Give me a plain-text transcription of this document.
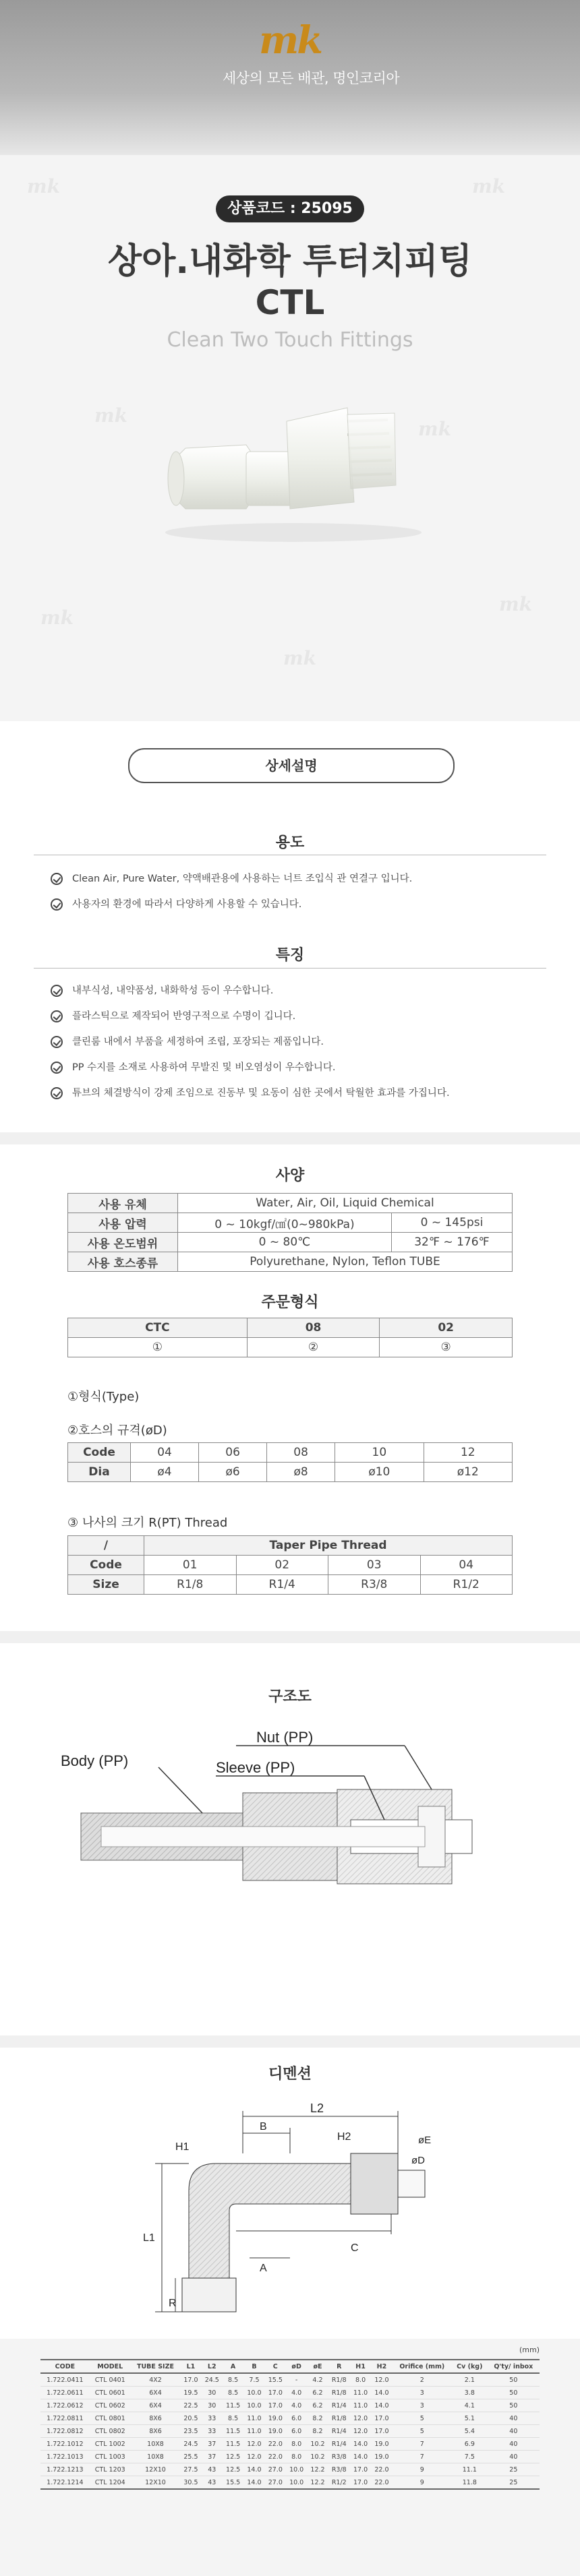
mk	mk
mk
mk
mk
mk
mk
mk
세상의 모든 배관, 명인코리아
상품코드 : 25095
상아.내화학 투터치피팅
CTL
Clean Two Touch Fittings
상세설명
용도
Clean Air, Pure Water, 약액배관용에 사용하는 너트 조입식 관 연결구 입니다.
사용자의 환경에 따라서 다양하게 사용할 수 있습니다.
특징
내부식성, 내약품성, 내화학성 등이 우수합니다.
플라스틱으로 제작되어 반영구적으로 수명이 깁니다.
클린룸 내에서 부품을 세정하여 조립, 포장되는 제품입니다.
PP 수지를 소재로 사용하여 무발진 및 비오염성이 우수합니다.
튜브의 체결방식이 강제 조임으로 진동부 및 요동이 심한 곳에서 탁월한 효과를 가집니다.
사양
사용 유체	Water, Air, Oil, Liquid Chemical	
사용 압력	0 ~ 10kgf/㎠(0~980kPa)	0 ~ 145psi
사용 온도범위	0 ~ 80℃	32℉ ~ 176℉
사용 호스종류	Polyurethane, Nylon, Teflon TUBE	
주문형식
CTC	08	02
①	②	③
①형식(Type)
②호스의 규격(øD)
Code	04	06	08	10	12
Dia	ø4	ø6	ø8	ø10	ø12
③ 나사의 크기 R(PT) Thread
/	Taper Pipe Thread			
Code	01	02	03	04
Size	R1/8	R1/4	R3/8	R1/2
구조도
Nut (PP)
Sleeve (PP)
Body (PP)
디멘션
L2
B
H1
H2
øD
øE
L1
A
C
R
(mm)
CODE	MODEL	TUBE SIZE	L1	L2	A	B	C	øD	øE	R	H1	H2	Orifice (mm)	Cv (kg)	Q'ty/ inbox
1.722.0411	CTL 0401	4X2	17.0	24.5	8.5	7.5	15.5	-	4.2	R1/8	8.0	12.0	2	2.1	50
1.722.0611	CTL 0601	6X4	19.5	30	8.5	10.0	17.0	4.0	6.2	R1/8	11.0	14.0	3	3.8	50
1.722.0612	CTL 0602	6X4	22.5	30	11.5	10.0	17.0	4.0	6.2	R1/4	11.0	14.0	3	4.1	50
1.722.0811	CTL 0801	8X6	20.5	33	8.5	11.0	19.0	6.0	8.2	R1/8	12.0	17.0	5	5.1	40
1.722.0812	CTL 0802	8X6	23.5	33	11.5	11.0	19.0	6.0	8.2	R1/4	12.0	17.0	5	5.4	40
1.722.1012	CTL 1002	10X8	24.5	37	11.5	12.0	22.0	8.0	10.2	R1/4	14.0	19.0	7	6.9	40
1.722.1013	CTL 1003	10X8	25.5	37	12.5	12.0	22.0	8.0	10.2	R3/8	14.0	19.0	7	7.5	40
1.722.1213	CTL 1203	12X10	27.5	43	12.5	14.0	27.0	10.0	12.2	R3/8	17.0	22.0	9	11.1	25
1.722.1214	CTL 1204	12X10	30.5	43	15.5	14.0	27.0	10.0	12.2	R1/2	17.0	22.0	9	11.8	25
